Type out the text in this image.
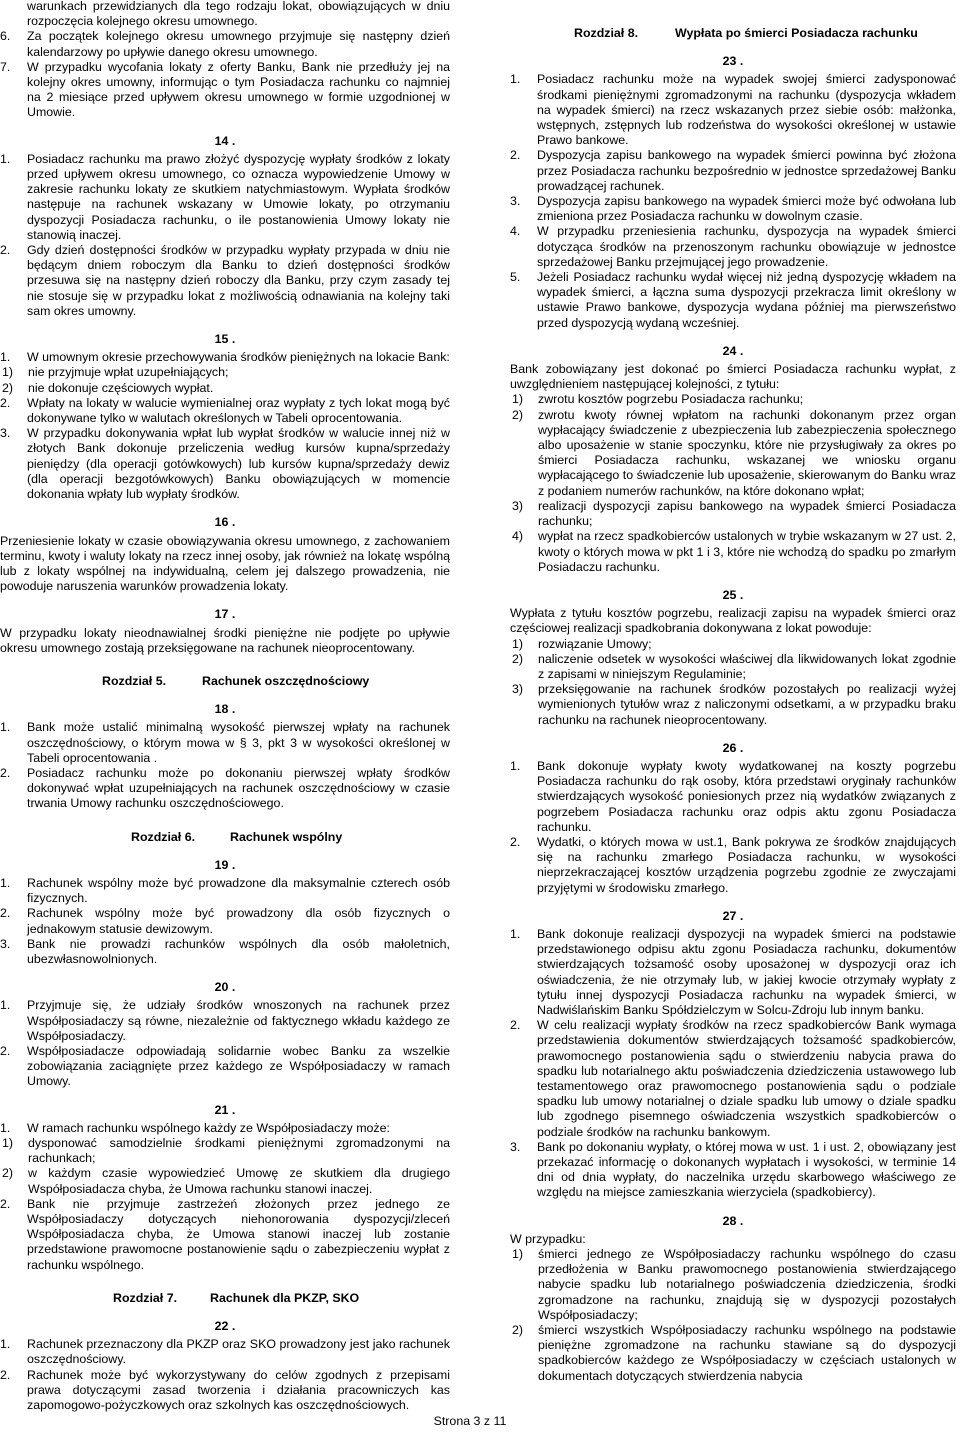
warunkach przewidzianych dla tego rodzaju lokat, obowiązujących w dniu rozpoczęcia kolejnego okresu umownego.

6. Za początek kolejnego okresu umownego przyjmuje się następny dzień kalendarzowy po upływie danego okresu umownego.
7. W przypadku wycofania lokaty z oferty Banku, Bank nie przedłuży jej na kolejny okres umowny, informując o tym Posiadacza rachunku co najmniej na 2 miesiące przed upływem okresu umownego w formie uzgodnionej w Umowie.
14 .
1. Posiadacz rachunku ma prawo złożyć dyspozycję wypłaty środków z lokaty przed upływem okresu umownego, co oznacza wypowiedzenie Umowy w zakresie rachunku lokaty ze skutkiem natychmiastowym. Wypłata środków następuje na rachunek wskazany w Umowie lokaty, po otrzymaniu dyspozycji Posiadacza rachunku, o ile postanowienia Umowy lokaty nie stanowią inaczej.
2. Gdy dzień dostępności środków w przypadku wypłaty przypada w dniu nie będącym dniem roboczym dla Banku to dzień dostępności środków przesuwa się na następny dzień roboczy dla Banku, przy czym zasady tej nie stosuje się w przypadku lokat z możliwością odnawiania na kolejny taki sam okres umowny.
15 .
1. W umownym okresie przechowywania środków pieniężnych na lokacie Bank:
1) nie przyjmuje wpłat uzupełniających;
2) nie dokonuje częściowych wypłat.
2. Wpłaty na lokaty w walucie wymienialnej oraz wypłaty z tych lokat mogą być dokonywane tylko w walutach określonych w Tabeli oprocentowania.
3. W przypadku dokonywania wpłat lub wypłat środków w walucie innej niż w złotych Bank dokonuje przeliczenia według kursów kupna/sprzedaży pieniędzy (dla operacji gotówkowych) lub kursów kupna/sprzedaży dewiz (dla operacji bezgotówkowych) Banku obowiązujących w momencie dokonania wpłaty lub wypłaty środków.
16 .

Przeniesienie lokaty w czasie obowiązywania okresu umownego, z zachowaniem terminu, kwoty i waluty lokaty na rzecz innej osoby, jak również na lokatę wspólną lub z lokaty wspólnej na indywidualną, celem jej dalszego prowadzenia, nie powoduje naruszenia warunków prowadzenia lokaty.

17 .

W przypadku lokaty nieodnawialnej środki pieniężne nie podjęte po upływie okresu umownego zostają przeksięgowane na rachunek nieoprocentowany.

Rozdział 5.	Rachunek oszczędnościowy
18 .
1. Bank może ustalić minimalną wysokość pierwszej wpłaty na rachunek oszczędnościowy, o którym mowa w § 3, pkt 3 w wysokości określonej w Tabeli oprocentowania .
2. Posiadacz rachunku może po dokonaniu pierwszej wpłaty środków dokonywać wpłat uzupełniających na rachunek oszczędnościowy w czasie trwania Umowy rachunku oszczędnościowego.
Rozdział 6.	Rachunek wspólny
19 .
1. Rachunek wspólny może być prowadzone dla maksymalnie czterech osób fizycznych.
2. Rachunek wspólny może być prowadzony dla osób fizycznych o jednakowym statusie dewizowym.
3. Bank nie prowadzi rachunków wspólnych dla osób małoletnich, ubezwłasnowolnionych.
20 .
1. Przyjmuje się, że udziały środków wnoszonych na rachunek przez Współposiadaczy są równe, niezależnie od faktycznego wkładu każdego ze Współposiadaczy.
2. Współposiadacze odpowiadają solidarnie wobec Banku za wszelkie zobowiązania zaciągnięte przez każdego ze Współposiadaczy w ramach Umowy.
21 .
1. W ramach rachunku wspólnego każdy ze Współposiadaczy może:
1) dysponować samodzielnie środkami pieniężnymi zgromadzonymi na rachunkach;
2) w każdym czasie wypowiedzieć Umowę ze skutkiem dla drugiego Współposiadacza chyba, że Umowa rachunku stanowi inaczej.
2. Bank nie przyjmuje zastrzeżeń złożonych przez jednego ze Współposiadaczy dotyczących niehonorowania dyspozycji/zleceń Współposiadacza chyba, że Umowa stanowi inaczej lub zostanie przedstawione prawomocne postanowienie sądu o zabezpieczeniu wypłat z rachunku wspólnego.
Rozdział 7.	Rachunek dla PKZP, SKO
22 .
1. Rachunek przeznaczony dla PKZP oraz SKO prowadzony jest jako rachunek oszczędnościowy.
2. Rachunek może być wykorzystywany do celów zgodnych z przepisami prawa dotyczącymi zasad tworzenia i działania pracowniczych kas zapomogowo-pożyczkowych oraz szkolnych kas oszczędnościowych.
Rozdział 8.	Wypłata po śmierci Posiadacza rachunku
23 .
1. Posiadacz rachunku może na wypadek swojej śmierci zadysponować środkami pieniężnymi zgromadzonymi na rachunku (dyspozycja wkładem na wypadek śmierci) na rzecz wskazanych przez siebie osób: małżonka, wstępnych, zstępnych lub rodzeństwa do wysokości określonej w ustawie Prawo bankowe.
2. Dyspozycja zapisu bankowego na wypadek śmierci powinna być złożona przez Posiadacza rachunku bezpośrednio w jednostce sprzedażowej Banku prowadzącej rachunek.
3. Dyspozycja zapisu bankowego na wypadek śmierci może być odwołana lub zmieniona przez Posiadacza rachunku w dowolnym czasie.
4. W przypadku przeniesienia rachunku, dyspozycja na wypadek śmierci dotycząca środków na przenoszonym rachunku obowiązuje w jednostce sprzedażowej Banku przejmującej jego prowadzenie.
5. Jeżeli Posiadacz rachunku wydał więcej niż jedną dyspozycję wkładem na wypadek śmierci, a łączna suma dyspozycji przekracza limit określony w ustawie Prawo bankowe, dyspozycja wydana później ma pierwszeństwo przed dyspozycją wydaną wcześniej.
24 .

Bank zobowiązany jest dokonać po śmierci Posiadacza rachunku wypłat, z uwzględnieniem następującej kolejności, z tytułu:

1) zwrotu kosztów pogrzebu Posiadacza rachunku;
2) zwrotu kwoty równej wpłatom na rachunki dokonanym przez organ wypłacający świadczenie z ubezpieczenia lub zabezpieczenia społecznego albo uposażenie w stanie spoczynku, które nie przysługiwały za okres po śmierci Posiadacza rachunku, wskazanej we wniosku organu wypłacającego to świadczenie lub uposażenie, skierowanym do Banku wraz z podaniem numerów rachunków, na które dokonano wpłat;
3) realizacji dyspozycji zapisu bankowego na wypadek śmierci Posiadacza rachunku;
4) wypłat na rzecz spadkobierców ustalonych w trybie wskazanym w 27 ust. 2, kwoty o których mowa w pkt 1 i 3, które nie wchodzą do spadku po zmarłym Posiadaczu rachunku.
25 .

Wypłata z tytułu kosztów pogrzebu, realizacji zapisu na wypadek śmierci oraz częściowej realizacji spadkobrania dokonywana z lokat powoduje:

1) rozwiązanie Umowy;
2) naliczenie odsetek w wysokości właściwej dla likwidowanych lokat zgodnie z zapisami w niniejszym Regulaminie;
3) przeksięgowanie na rachunek środków pozostałych po realizacji wyżej wymienionych tytułów wraz z naliczonymi odsetkami, a w przypadku braku rachunku na rachunek nieoprocentowany.
26 .
1. Bank dokonuje wypłaty kwoty wydatkowanej na koszty pogrzebu Posiadacza rachunku do rąk osoby, która przedstawi oryginały rachunków stwierdzających wysokość poniesionych przez nią wydatków związanych z pogrzebem Posiadacza rachunku oraz odpis aktu zgonu Posiadacza rachunku.
2. Wydatki, o których mowa w ust.1, Bank pokrywa ze środków znajdujących się na rachunku zmarłego Posiadacza rachunku, w wysokości nieprzekraczającej kosztów urządzenia pogrzebu zgodnie ze zwyczajami przyjętymi w środowisku zmarłego.
27 .
1. Bank dokonuje realizacji dyspozycji na wypadek śmierci na podstawie przedstawionego odpisu aktu zgonu Posiadacza rachunku, dokumentów stwierdzających tożsamość osoby uposażonej w dyspozycji oraz ich oświadczenia, że nie otrzymały lub, w jakiej kwocie otrzymały wypłaty z tytułu innej dyspozycji Posiadacza rachunku na wypadek śmierci, w Nadwiślańskim Banku Spółdzielczym w Solcu-Zdroju lub innym banku.
2. W celu realizacji wypłaty środków na rzecz spadkobierców Bank wymaga przedstawienia dokumentów stwierdzających tożsamość spadkobierców, prawomocnego postanowienia sądu o stwierdzeniu nabycia prawa do spadku lub notarialnego aktu poświadczenia dziedziczenia ustawowego lub testamentowego oraz prawomocnego postanowienia sądu o podziale spadku lub umowy notarialnej o dziale spadku lub umowy o dziale spadku lub zgodnego pisemnego oświadczenia wszystkich spadkobierców o podziale środków na rachunku bankowym.
3. Bank po dokonaniu wypłaty, o której mowa w ust. 1 i ust. 2, obowiązany jest przekazać informację o dokonanych wypłatach i wysokości, w terminie 14 dni od dnia wypłaty, do naczelnika urzędu skarbowego właściwego ze względu na miejsce zamieszkania wierzyciela (spadkobiercy).
28 .

W przypadku:

1) śmierci jednego ze Współposiadaczy rachunku wspólnego do czasu przedłożenia w Banku prawomocnego postanowienia stwierdzającego nabycie spadku lub notarialnego poświadczenia dziedziczenia, środki zgromadzone na rachunku, znajdują się w dyspozycji pozostałych Współposiadaczy;
2) śmierci wszystkich Współposiadaczy rachunku wspólnego na podstawie pieniężne zgromadzone na rachunku stawiane są do dyspozycji spadkobierców każdego ze Współposiadaczy w częściach ustalonych w dokumentach dotyczących stwierdzenia nabycia
Strona 3 z 11
